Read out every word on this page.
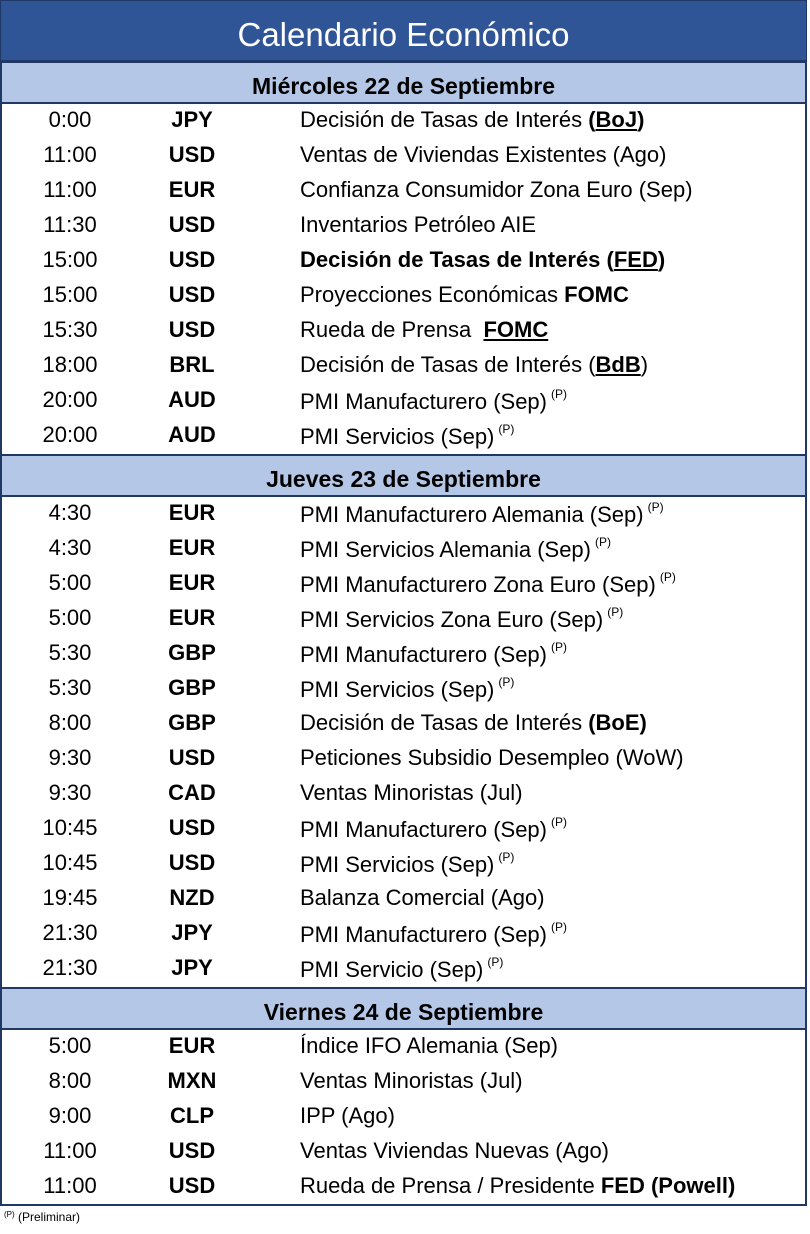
Calendario Económico
Miércoles 22 de Septiembre
0:00	JPY	Decisión de Tasas de Interés (BoJ)
11:00	USD	Ventas de Viviendas Existentes (Ago)
11:00	EUR	Confianza Consumidor Zona Euro (Sep)
11:30	USD	Inventarios Petróleo AIE
15:00	USD	Decisión de Tasas de Interés (FED)
15:00	USD	Proyecciones Económicas FOMC
15:30	USD	Rueda de Prensa  FOMC
18:00	BRL	Decisión de Tasas de Interés (BdB)
20:00	AUD	PMI Manufacturero (Sep) $^{(P)}$
20:00	AUD	PMI Servicios (Sep) $^{(P)}$
Jueves 23 de Septiembre
4:30	EUR	PMI Manufacturero Alemania (Sep) $^{(P)}$
4:30	EUR	PMI Servicios Alemania (Sep) $^{(P)}$
5:00	EUR	PMI Manufacturero Zona Euro (Sep) $^{(P)}$
5:00	EUR	PMI Servicios Zona Euro (Sep) $^{(P)}$
5:30	GBP	PMI Manufacturero (Sep) $^{(P)}$
5:30	GBP	PMI Servicios (Sep) $^{(P)}$
8:00	GBP	Decisión de Tasas de Interés (BoE)
9:30	USD	Peticiones Subsidio Desempleo (WoW)
9:30	CAD	Ventas Minoristas (Jul)
10:45	USD	PMI Manufacturero (Sep) $^{(P)}$
10:45	USD	PMI Servicios (Sep) $^{(P)}$
19:45	NZD	Balanza Comercial (Ago)
21:30	JPY	PMI Manufacturero (Sep) $^{(P)}$
21:30	JPY	PMI Servicio (Sep) $^{(P)}$
Viernes 24 de Septiembre
5:00	EUR	Índice IFO Alemania (Sep)
8:00	MXN	Ventas Minoristas (Jul)
9:00	CLP	IPP (Ago)
11:00	USD	Ventas Viviendas Nuevas (Ago)
11:00	USD	Rueda de Prensa / Presidente FED (Powell)
$^{(P)}$ (Preliminar)
